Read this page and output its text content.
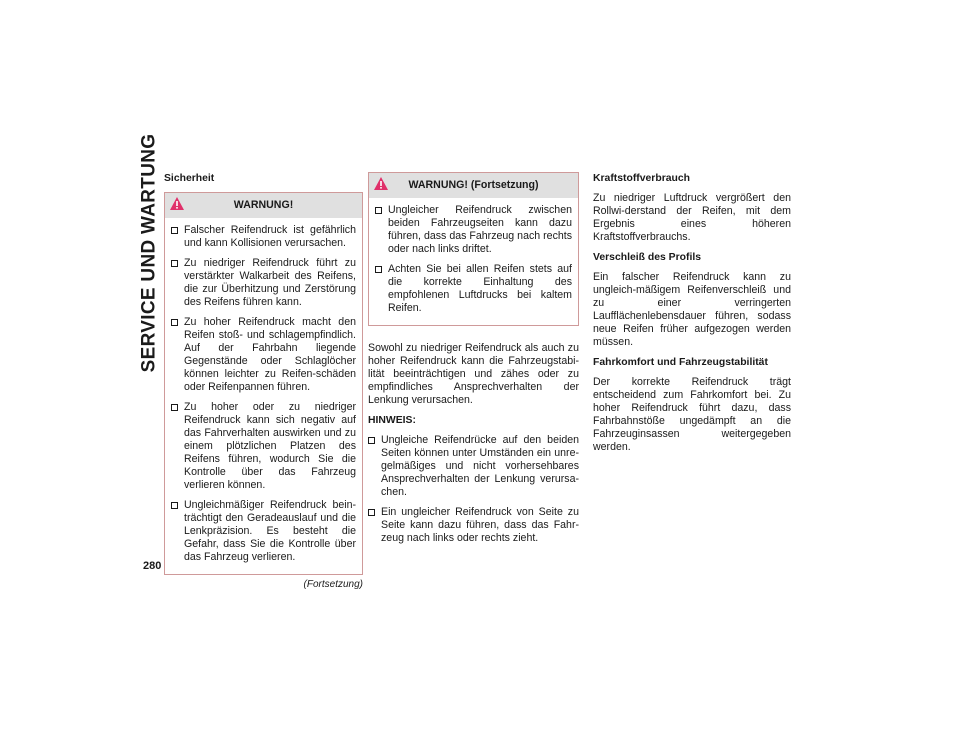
SERVICE UND WARTUNG
280
Sicherheit
WARNUNG!
Falscher Reifendruck ist gefährlich und kann Kollisionen verursachen.
Zu niedriger Reifendruck führt zu verstärkter Walkarbeit des Reifens, die zur Überhitzung und Zerstörung des Reifens führen kann.
Zu hoher Reifendruck macht den Reifen stoß- und schlagempfindlich. Auf der Fahrbahn liegende Gegenstände oder Schlaglöcher können leichter zu Reifen-schäden oder Reifenpannen führen.
Zu hoher oder zu niedriger Reifendruck kann sich negativ auf das Fahrverhalten auswirken und zu einem plötzlichen Platzen des Reifens führen, wodurch Sie die Kontrolle über das Fahrzeug verlieren können.
Ungleichmäßiger Reifendruck bein-trächtigt den Geradeauslauf und die Lenkpräzision. Es besteht die Gefahr, dass Sie die Kontrolle über das Fahrzeug verlieren.
(Fortsetzung)
WARNUNG! (Fortsetzung)
Ungleicher Reifendruck zwischen beiden Fahrzeugseiten kann dazu führen, dass das Fahrzeug nach rechts oder nach links driftet.
Achten Sie bei allen Reifen stets auf die korrekte Einhaltung des empfohlenen Luftdrucks bei kaltem Reifen.

Sowohl zu niedriger Reifendruck als auch zu hoher Reifendruck kann die Fahrzeugstabi-lität beeinträchtigen und zähes oder zu empfindliches Ansprechverhalten der Lenkung verursachen.

HINWEIS:
Ungleiche Reifendrücke auf den beiden Seiten können unter Umständen ein unre-gelmäßiges und nicht vorhersehbares Ansprechverhalten der Lenkung verursa-chen.
Ein ungleicher Reifendruck von Seite zu Seite kann dazu führen, dass das Fahr-zeug nach links oder rechts zieht.
Kraftstoffverbrauch

Zu niedriger Luftdruck vergrößert den Rollwi-derstand der Reifen, mit dem Ergebnis eines höheren Kraftstoffverbrauchs.

Verschleiß des Profils

Ein falscher Reifendruck kann zu ungleich-mäßigem Reifenverschleiß und zu einer verringerten Laufflächenlebensdauer führen, sodass neue Reifen früher aufgezogen werden müssen.

Fahrkomfort und Fahrzeugstabilität

Der korrekte Reifendruck trägt entscheidend zum Fahrkomfort bei. Zu hoher Reifendruck führt dazu, dass Fahrbahnstöße ungedämpft an die Fahrzeuginsassen weitergegeben werden.
